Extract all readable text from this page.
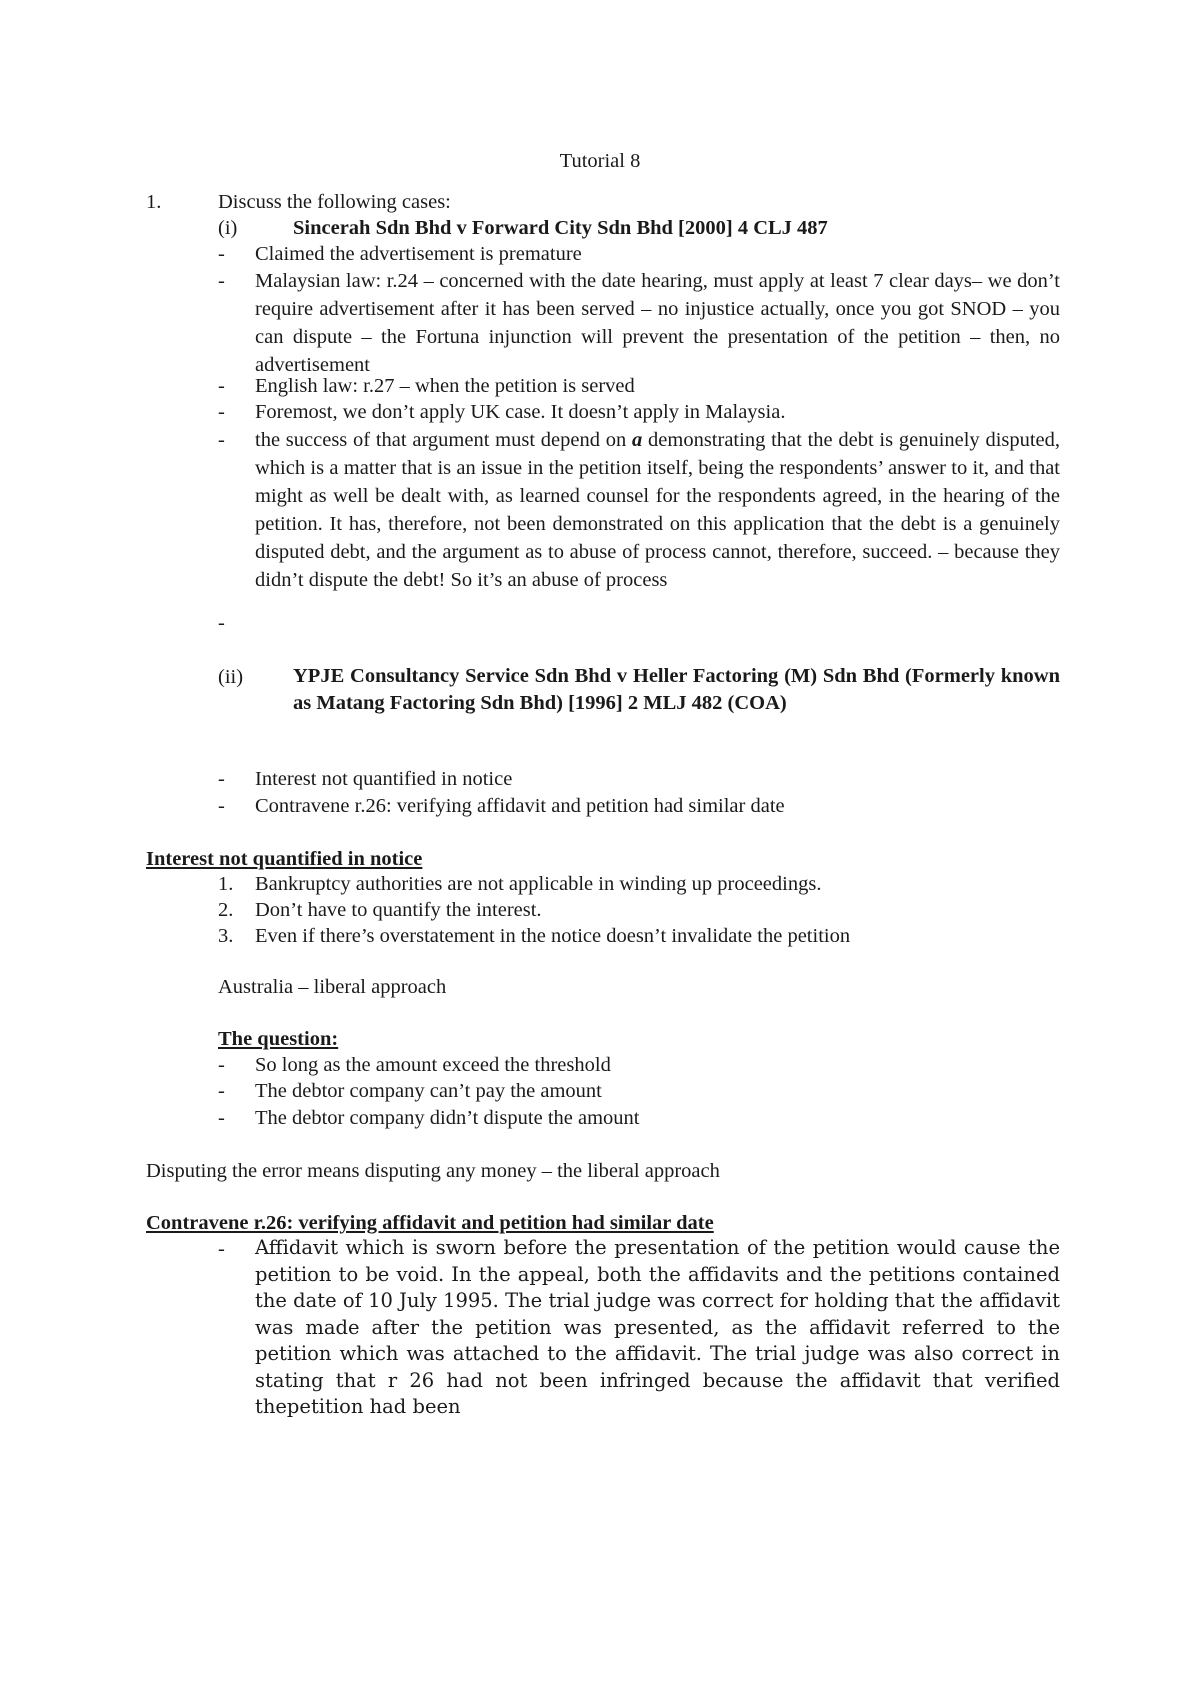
Tutorial 8
1.	Discuss the following cases:
(i)	Sincerah Sdn Bhd v Forward City Sdn Bhd [2000] 4 CLJ 487
-	Claimed the advertisement is premature
-	Malaysian law: r.24 – concerned with the date hearing, must apply at least 7 clear days– we don’t require advertisement after it has been served – no injustice actually, once you got SNOD – you can dispute – the Fortuna injunction will prevent the presentation of the petition – then, no advertisement
-	English law: r.27 – when the petition is served
-	Foremost, we don’t apply UK case. It doesn’t apply in Malaysia.
-	the success of that argument must depend on a demonstrating that the debt is genuinely disputed, which is a matter that is an issue in the petition itself, being the respondents’ answer to it, and that might as well be dealt with, as learned counsel for the respondents agreed, in the hearing of the petition. It has, therefore, not been demonstrated on this application that the debt is a genuinely disputed debt, and the argument as to abuse of process cannot, therefore, succeed. – because they didn’t dispute the debt! So it’s an abuse of process
-
(ii) YPJE Consultancy Service Sdn Bhd v Heller Factoring (M) Sdn Bhd (Formerly known as Matang Factoring Sdn Bhd) [1996] 2 MLJ 482 (COA)
-	Interest not quantified in notice
-	Contravene r.26: verifying affidavit and petition had similar date
Interest not quantified in notice
1. Bankruptcy authorities are not applicable in winding up proceedings.
2. Don’t have to quantify the interest.
3. Even if there’s overstatement in the notice doesn’t invalidate the petition
Australia – liberal approach
The question:
-	So long as the amount exceed the threshold
-	The debtor company can’t pay the amount
-	The debtor company didn’t dispute the amount
Disputing the error means disputing any money – the liberal approach
Contravene r.26: verifying affidavit and petition had similar date
-	Affidavit which is sworn before the presentation of the petition would cause the petition to be void. In the appeal, both the affidavits and the petitions contained the date of 10 July 1995. The trial judge was correct for holding that the affidavit was made after the petition was presented, as the affidavit referred to the petition which was attached to the affidavit. The trial judge was also correct in stating that r 26 had not been infringed because the affidavit that verified thepetition had been
